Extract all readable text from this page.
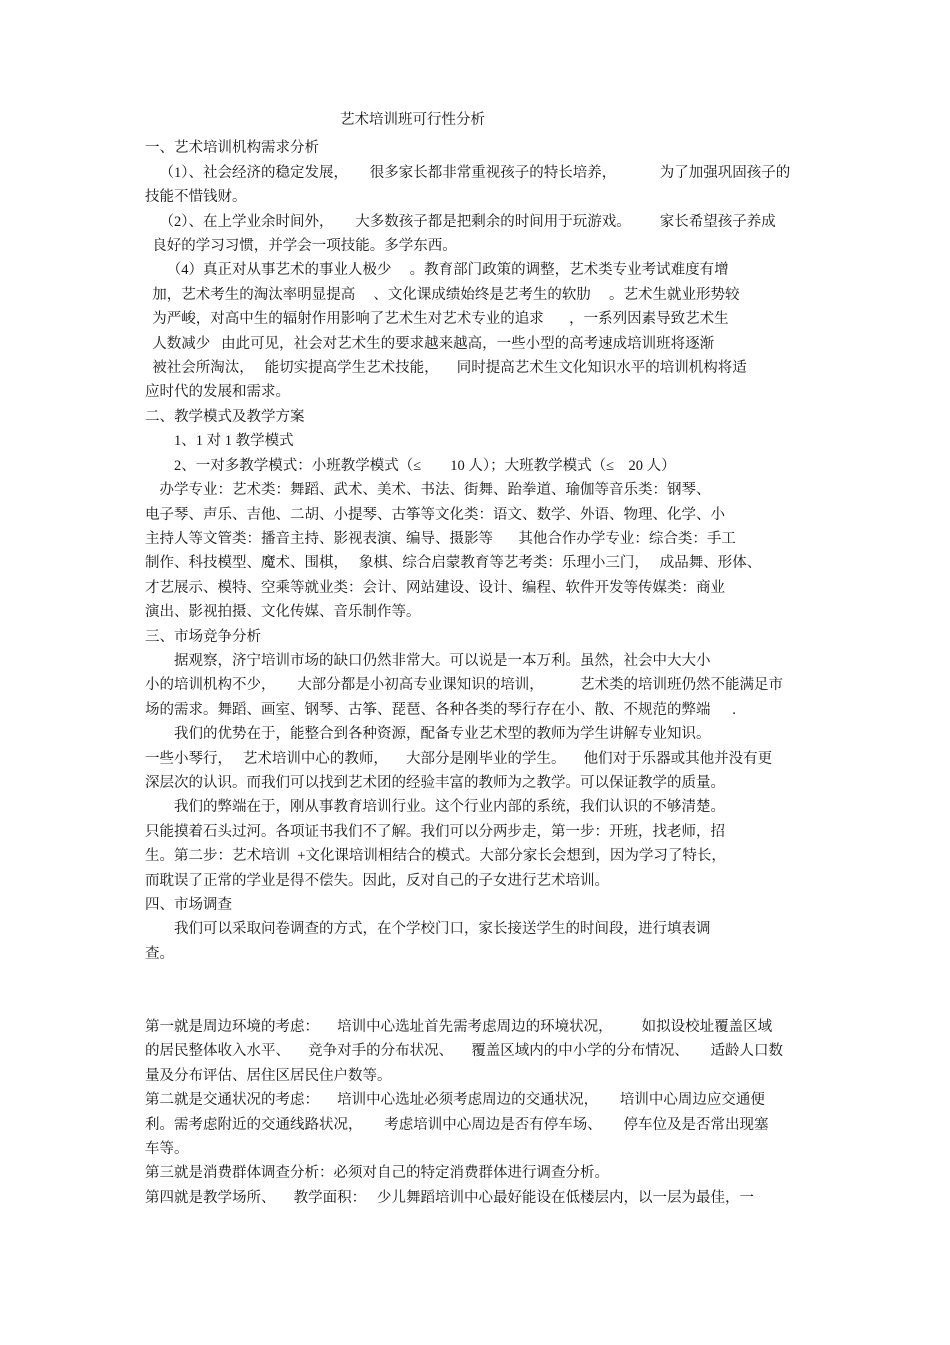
艺术培训班可行性分析
一、艺术培训机构需求分析
（1）、社会经济的稳定发展，      很多家长都非常重视孩子的特长培养，            为了加强巩固孩子的
技能不惜钱财。
（2）、在上学业余时间外，      大多数孩子都是把剩余的时间用于玩游戏。        家长希望孩子养成
良好的学习习惯，并学会一项技能。多学东西。
（4）真正对从事艺术的事业人极少     。教育部门政策的调整，艺术类专业考试难度有增
加，艺术考生的淘汰率明显提高     、文化课成绩始终是艺考生的软肋     。艺术生就业形势较
为严峻，对高中生的辐射作用影响了艺术生对艺术专业的追求       ，一系列因素导致艺术生
人数减少   由此可见，社会对艺术生的要求越来越高，一些小型的高考速成培训班将逐渐
被社会所淘汰，   能切实提高学生艺术技能，     同时提高艺术生文化知识水平的培训机构将适
应时代的发展和需求。
二、教学模式及教学方案
1、1 对 1 教学模式
2、一对多教学模式：小班教学模式（≤        10 人）；大班教学模式（≤    20 人）
办学专业：艺术类：舞蹈、武术、美术、书法、街舞、跆拳道、瑜伽等音乐类：钢琴、
电子琴、声乐、吉他、二胡、小提琴、古筝等文化类：语文、数学、外语、物理、化学、小
主持人等文管类：播音主持、影视表演、编导、摄影等       其他合作办学专业：综合类：手工
制作、科技模型、魔术、围棋，   象棋、综合启蒙教育等艺考类：乐理小三门，   成品舞、形体、
才艺展示、模特、空乘等就业类：会计、网站建设、设计、编程、软件开发等传媒类：商业
演出、影视拍摄、文化传媒、音乐制作等。
三、市场竞争分析
据观察，济宁培训市场的缺口仍然非常大。可以说是一本万利。虽然，社会中大大小
小的培训机构不少，      大部分都是小初高专业课知识的培训，          艺术类的培训班仍然不能满足市
场的需求。舞蹈、画室、钢琴、古筝、琵琶、各种各类的琴行存在小、散、不规范的弊端      .
我们的优势在于，能整合到各种资源，配备专业艺术型的教师为学生讲解专业知识。
一些小琴行，   艺术培训中心的教师，     大部分是刚毕业的学生。     他们对于乐器或其他并没有更
深层次的认识。而我们可以找到艺术团的经验丰富的教师为之教学。可以保证教学的质量。
我们的弊端在于，刚从事教育培训行业。这个行业内部的系统，我们认识的不够清楚。
只能摸着石头过河。各项证书我们不了解。我们可以分两步走，第一步：开班，找老师，招
生。第二步：艺术培训  +文化课培训相结合的模式。大部分家长会想到，因为学习了特长，
而耽误了正常的学业是得不偿失。因此，反对自己的子女进行艺术培训。
四、市场调查
我们可以采取问卷调查的方式，在个学校门口，家长接送学生的时间段，进行填表调
查。

第一就是周边环境的考虑：     培训中心选址首先需考虑周边的环境状况，        如拟设校址覆盖区域
的居民整体收入水平、     竞争对手的分布状况、     覆盖区域内的中小学的分布情况、      适龄人口数
量及分布评估、居住区居民住户数等。
第二就是交通状况的考虑：     培训中心选址必须考虑周边的交通状况，      培训中心周边应交通便
利。需考虑附近的交通线路状况，      考虑培训中心周边是否有停车场、      停车位及是否常出现塞
车等。
第三就是消费群体调查分析：必须对自己的特定消费群体进行调查分析。
第四就是教学场所、     教学面积：   少儿舞蹈培训中心最好能设在低楼层内，以一层为最佳，一
